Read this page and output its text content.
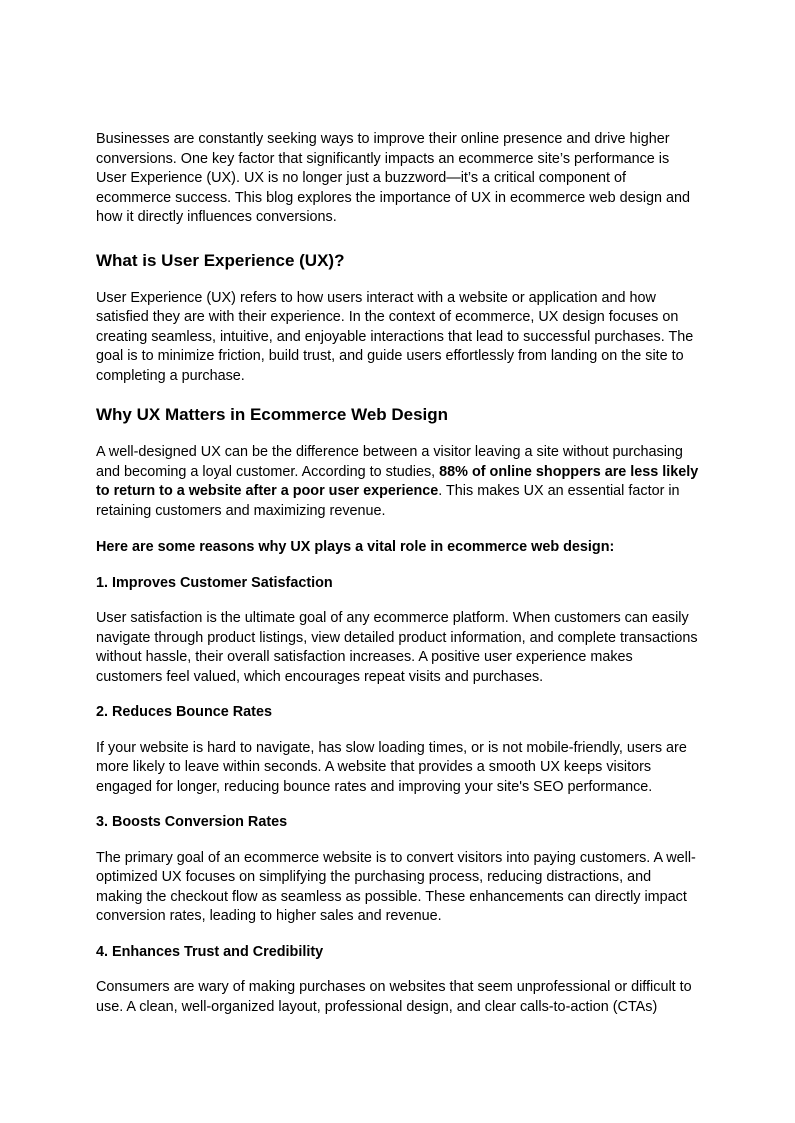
Businesses are constantly seeking ways to improve their online presence and drive higher conversions. One key factor that significantly impacts an ecommerce site’s performance is User Experience (UX). UX is no longer just a buzzword—it’s a critical component of ecommerce success. This blog explores the importance of UX in ecommerce web design and how it directly influences conversions.

What is User Experience (UX)?

User Experience (UX) refers to how users interact with a website or application and how satisfied they are with their experience. In the context of ecommerce, UX design focuses on creating seamless, intuitive, and enjoyable interactions that lead to successful purchases. The goal is to minimize friction, build trust, and guide users effortlessly from landing on the site to completing a purchase.

Why UX Matters in Ecommerce Web Design

A well-designed UX can be the difference between a visitor leaving a site without purchasing and becoming a loyal customer. According to studies, 88% of online shoppers are less likely to return to a website after a poor user experience. This makes UX an essential factor in retaining customers and maximizing revenue.

Here are some reasons why UX plays a vital role in ecommerce web design:

1. Improves Customer Satisfaction

User satisfaction is the ultimate goal of any ecommerce platform. When customers can easily navigate through product listings, view detailed product information, and complete transactions without hassle, their overall satisfaction increases. A positive user experience makes customers feel valued, which encourages repeat visits and purchases.

2. Reduces Bounce Rates

If your website is hard to navigate, has slow loading times, or is not mobile-friendly, users are more likely to leave within seconds. A website that provides a smooth UX keeps visitors engaged for longer, reducing bounce rates and improving your site's SEO performance.

3. Boosts Conversion Rates

The primary goal of an ecommerce website is to convert visitors into paying customers. A well-optimized UX focuses on simplifying the purchasing process, reducing distractions, and making the checkout flow as seamless as possible. These enhancements can directly impact conversion rates, leading to higher sales and revenue.

4. Enhances Trust and Credibility

Consumers are wary of making purchases on websites that seem unprofessional or difficult to use. A clean, well-organized layout, professional design, and clear calls-to-action (CTAs)
